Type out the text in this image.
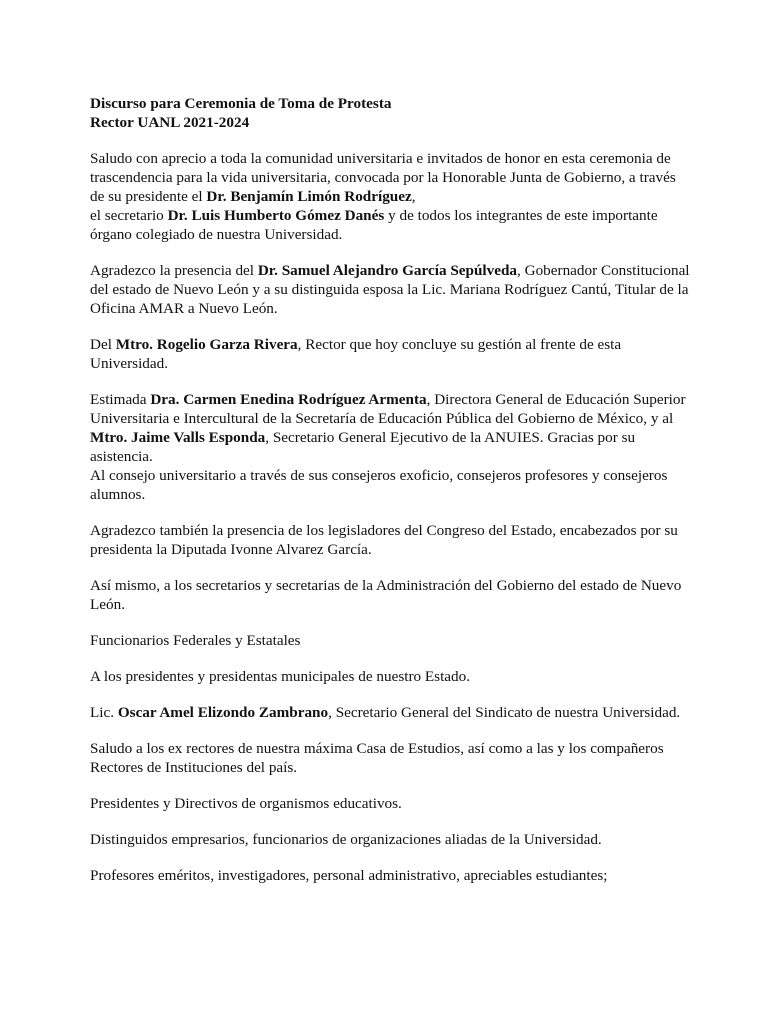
Discurso para Ceremonia de Toma de Protesta
Rector UANL 2021-2024
Saludo con aprecio a toda la comunidad universitaria e invitados de honor en esta ceremonia de trascendencia para la vida universitaria, convocada por la Honorable Junta de Gobierno, a través de su presidente el Dr. Benjamín Limón Rodríguez,
el secretario Dr. Luis Humberto Gómez Danés y de todos los integrantes de este importante órgano colegiado de nuestra Universidad.
Agradezco la presencia del Dr. Samuel Alejandro García Sepúlveda, Gobernador Constitucional del estado de Nuevo León y a su distinguida esposa la Lic. Mariana Rodríguez Cantú, Titular de la Oficina AMAR a Nuevo León.
Del Mtro. Rogelio Garza Rivera, Rector que hoy concluye su gestión al frente de esta Universidad.
Estimada Dra. Carmen Enedina Rodríguez Armenta, Directora General de Educación Superior Universitaria e Intercultural de la Secretaría de Educación Pública del Gobierno de México, y al Mtro. Jaime Valls Esponda, Secretario General Ejecutivo de la ANUIES. Gracias por su asistencia.
Al consejo universitario a través de sus consejeros exoficio, consejeros profesores y consejeros alumnos.
Agradezco también la presencia de los legisladores del Congreso del Estado, encabezados por su presidenta la Diputada Ivonne Alvarez García.
Así mismo, a los secretarios y secretarias de la Administración del Gobierno del estado de Nuevo León.
Funcionarios Federales y Estatales
A los presidentes y presidentas municipales de nuestro Estado.
Lic. Oscar Amel Elizondo Zambrano, Secretario General del Sindicato de nuestra Universidad.
Saludo a los ex rectores de nuestra máxima Casa de Estudios, así como a las y los compañeros Rectores de Instituciones del país.
Presidentes y Directivos de organismos educativos.
Distinguidos empresarios, funcionarios de organizaciones aliadas de la Universidad.
Profesores eméritos, investigadores, personal administrativo, apreciables estudiantes;
